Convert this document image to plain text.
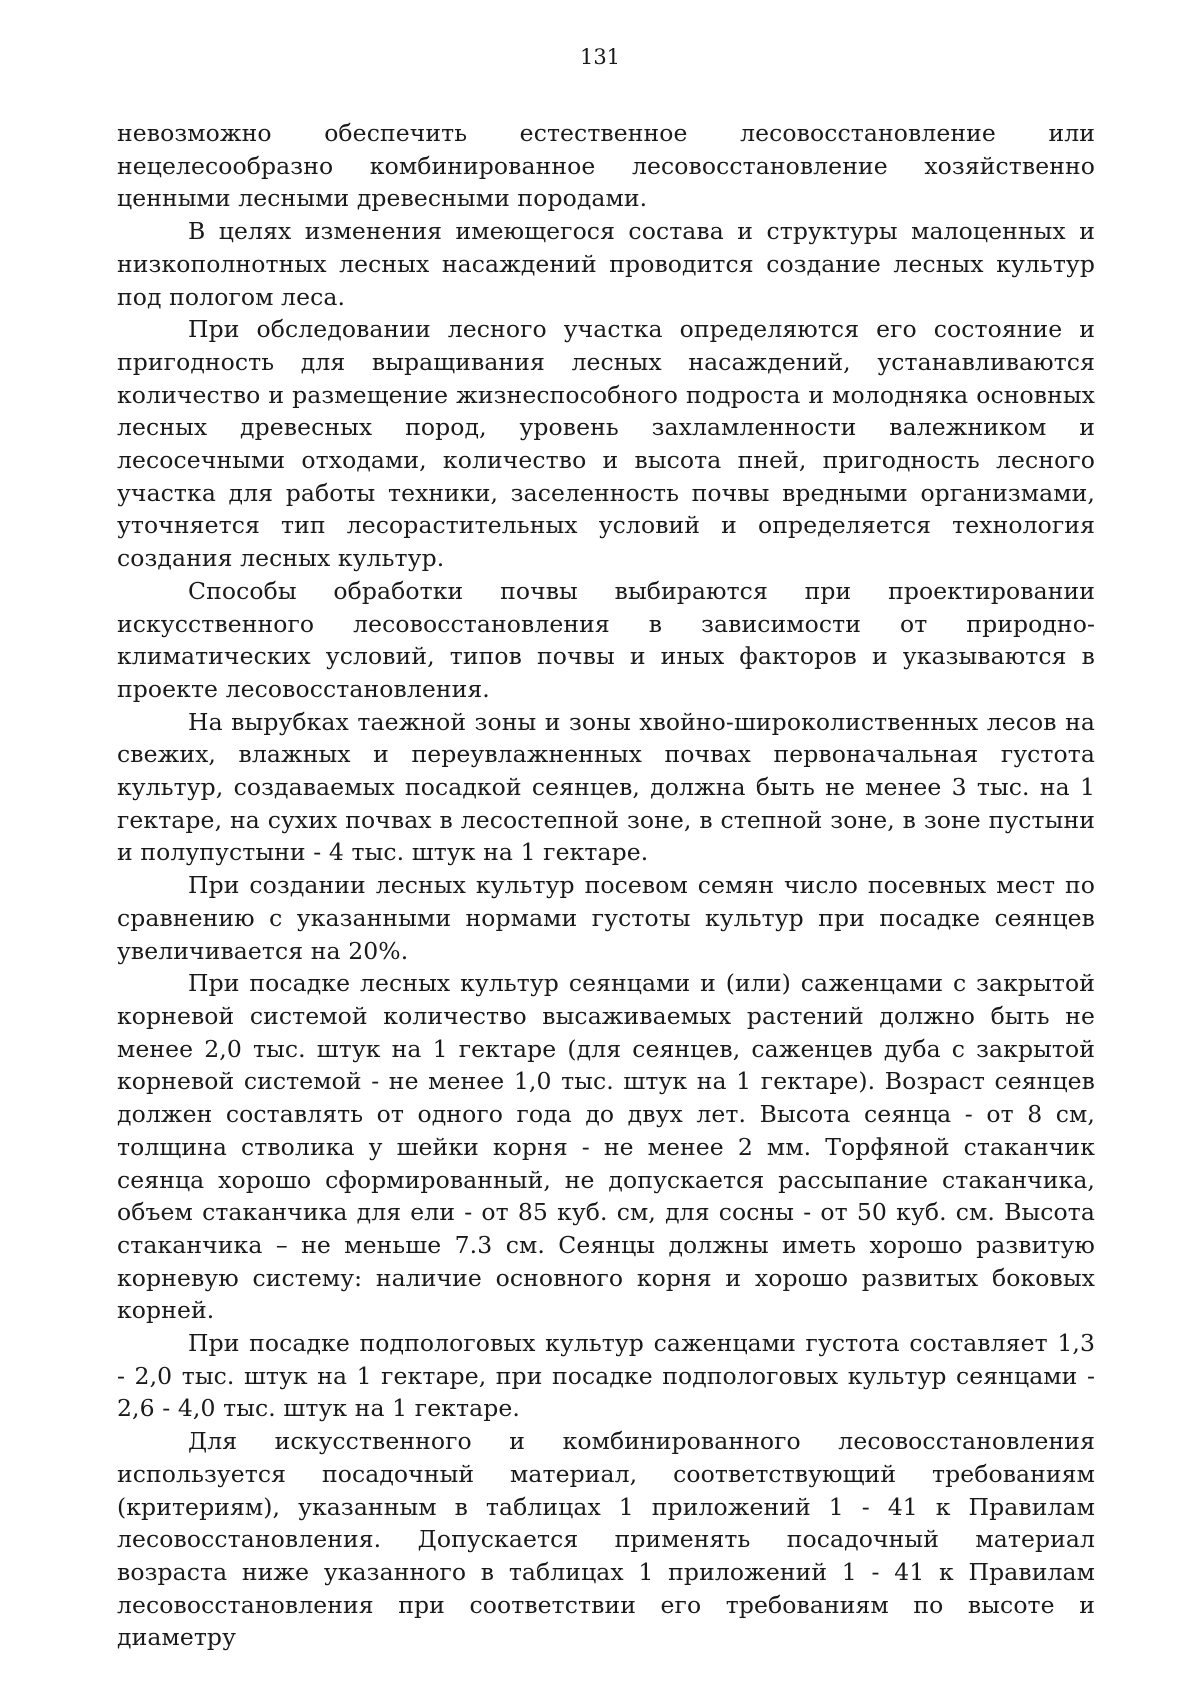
131

невозможно обеспечить естественное лесовосстановление или нецелесообразно комбинированное лесовосстановление хозяйственно ценными лесными древесными породами.

В целях изменения имеющегося состава и структуры малоценных и низкополнотных лесных насаждений проводится создание лесных культур под пологом леса.

При обследовании лесного участка определяются его состояние и пригодность для выращивания лесных насаждений, устанавливаются количество и размещение жизнеспособного подроста и молодняка основных лесных древесных пород, уровень захламленности валежником и лесосечными отходами, количество и высота пней, пригодность лесного участка для работы техники, заселенность почвы вредными организмами, уточняется тип лесорастительных условий и определяется технология создания лесных культур.

Способы обработки почвы выбираются при проектировании искусственного лесовосстановления в зависимости от природно-климатических условий, типов почвы и иных факторов и указываются в проекте лесовосстановления.

На вырубках таежной зоны и зоны хвойно-широколиственных лесов на свежих, влажных и переувлажненных почвах первоначальная густота культур, создаваемых посадкой сеянцев, должна быть не менее 3 тыс. на 1 гектаре, на сухих почвах в лесостепной зоне, в степной зоне, в зоне пустыни и полупустыни - 4 тыс. штук на 1 гектаре.

При создании лесных культур посевом семян число посевных мест по сравнению с указанными нормами густоты культур при посадке сеянцев увеличивается на 20%.

При посадке лесных культур сеянцами и (или) саженцами с закрытой корневой системой количество высаживаемых растений должно быть не менее 2,0 тыс. штук на 1 гектаре (для сеянцев, саженцев дуба с закрытой корневой системой - не менее 1,0 тыс. штук на 1 гектаре). Возраст сеянцев должен составлять от одного года до двух лет. Высота сеянца - от 8 см, толщина стволика у шейки корня - не менее 2 мм. Торфяной стаканчик сеянца хорошо сформированный, не допускается рассыпание стаканчика, объем стаканчика для ели - от 85 куб. см, для сосны - от 50 куб. см. Высота стаканчика – не меньше 7.3 см. Сеянцы должны иметь хорошо развитую корневую систему: наличие основного корня и хорошо развитых боковых корней.

При посадке подпологовых культур саженцами густота составляет 1,3 - 2,0 тыс. штук на 1 гектаре, при посадке подпологовых культур сеянцами - 2,6 - 4,0 тыс. штук на 1 гектаре.

Для искусственного и комбинированного лесовосстановления используется посадочный материал, соответствующий требованиям (критериям), указанным в таблицах 1 приложений 1 - 41 к Правилам лесовосстановления. Допускается применять посадочный материал возраста ниже указанного в таблицах 1 приложений 1 - 41 к Правилам лесовосстановления при соответствии его требованиям по высоте и диаметру
